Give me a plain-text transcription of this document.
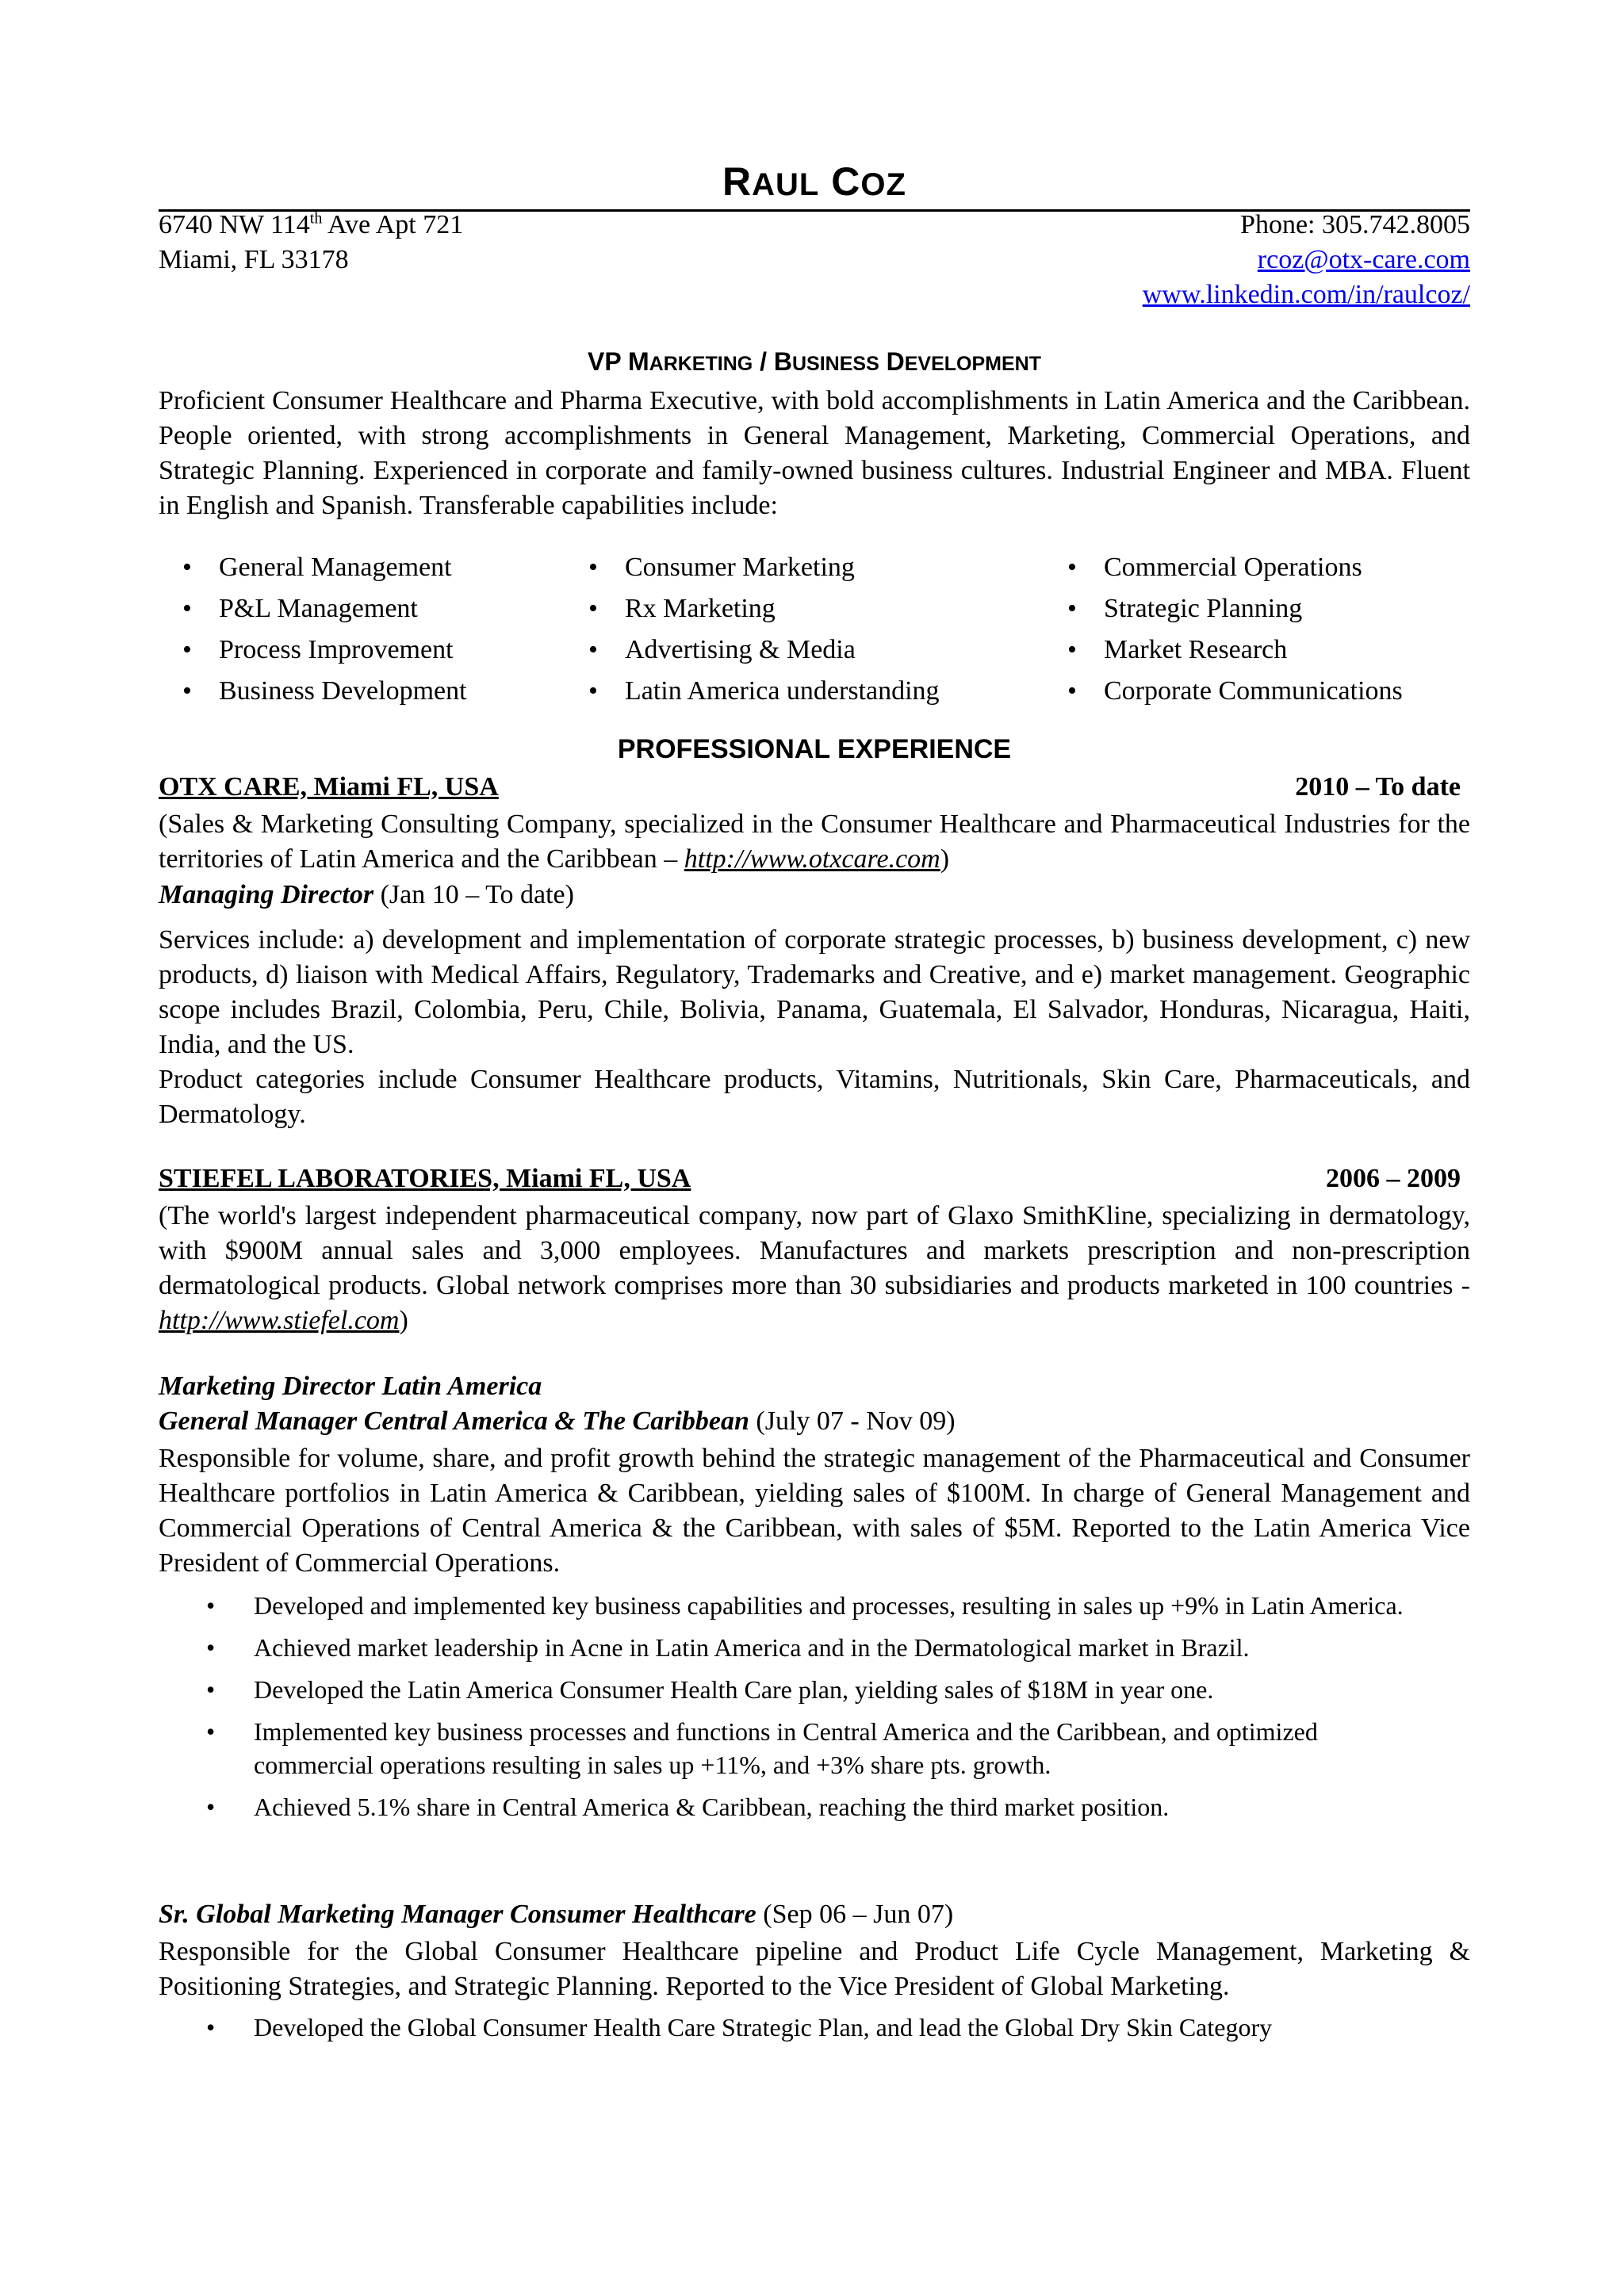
RAUL COZ
6740 NW 114th Ave Apt 721	Phone: 305.742.8005
Miami, FL 33178	rcoz@otx-care.com
www.linkedin.com/in/raulcoz/
VP MARKETING / BUSINESS DEVELOPMENT
Proficient Consumer Healthcare and Pharma Executive, with bold accomplishments in Latin America and the Caribbean. People oriented, with strong accomplishments in General Management, Marketing, Commercial Operations, and Strategic Planning. Experienced in corporate and family-owned business cultures. Industrial Engineer and MBA. Fluent in English and Spanish. Transferable capabilities include:
• General Management
• P&L Management
• Process Improvement
• Business Development
• Consumer Marketing
• Rx Marketing
• Advertising & Media
• Latin America understanding
• Commercial Operations
• Strategic Planning
• Market Research
• Corporate Communications
PROFESSIONAL EXPERIENCE
OTX CARE, Miami FL, USA	2010 – To date
(Sales & Marketing Consulting Company, specialized in the Consumer Healthcare and Pharmaceutical Industries for the territories of Latin America and the Caribbean – http://www.otxcare.com)
Managing Director (Jan 10 – To date)
Services include: a) development and implementation of corporate strategic processes, b) business development, c) new products, d) liaison with Medical Affairs, Regulatory, Trademarks and Creative, and e) market management. Geographic scope includes Brazil, Colombia, Peru, Chile, Bolivia, Panama, Guatemala, El Salvador, Honduras, Nicaragua, Haiti, India, and the US.
Product categories include Consumer Healthcare products, Vitamins, Nutritionals, Skin Care, Pharmaceuticals, and Dermatology.
STIEFEL LABORATORIES, Miami FL, USA	2006 – 2009
(The world's largest independent pharmaceutical company, now part of Glaxo SmithKline, specializing in dermatology, with $900M annual sales and 3,000 employees. Manufactures and markets prescription and non-prescription dermatological products. Global network comprises more than 30 subsidiaries and products marketed in 100 countries - http://www.stiefel.com)
Marketing Director Latin America
General Manager Central America & The Caribbean (July 07 - Nov 09)
Responsible for volume, share, and profit growth behind the strategic management of the Pharmaceutical and Consumer Healthcare portfolios in Latin America & Caribbean, yielding sales of $100M. In charge of General Management and Commercial Operations of Central America & the Caribbean, with sales of $5M. Reported to the Latin America Vice President of Commercial Operations.
• Developed and implemented key business capabilities and processes, resulting in sales up +9% in Latin America.
• Achieved market leadership in Acne in Latin America and in the Dermatological market in Brazil.
• Developed the Latin America Consumer Health Care plan, yielding sales of $18M in year one.
• Implemented key business processes and functions in Central America and the Caribbean, and optimized commercial operations resulting in sales up +11%, and +3% share pts. growth.
• Achieved 5.1% share in Central America & Caribbean, reaching the third market position.
Sr. Global Marketing Manager Consumer Healthcare (Sep 06 – Jun 07)
Responsible for the Global Consumer Healthcare pipeline and Product Life Cycle Management, Marketing & Positioning Strategies, and Strategic Planning. Reported to the Vice President of Global Marketing.
• Developed the Global Consumer Health Care Strategic Plan, and lead the Global Dry Skin Category
